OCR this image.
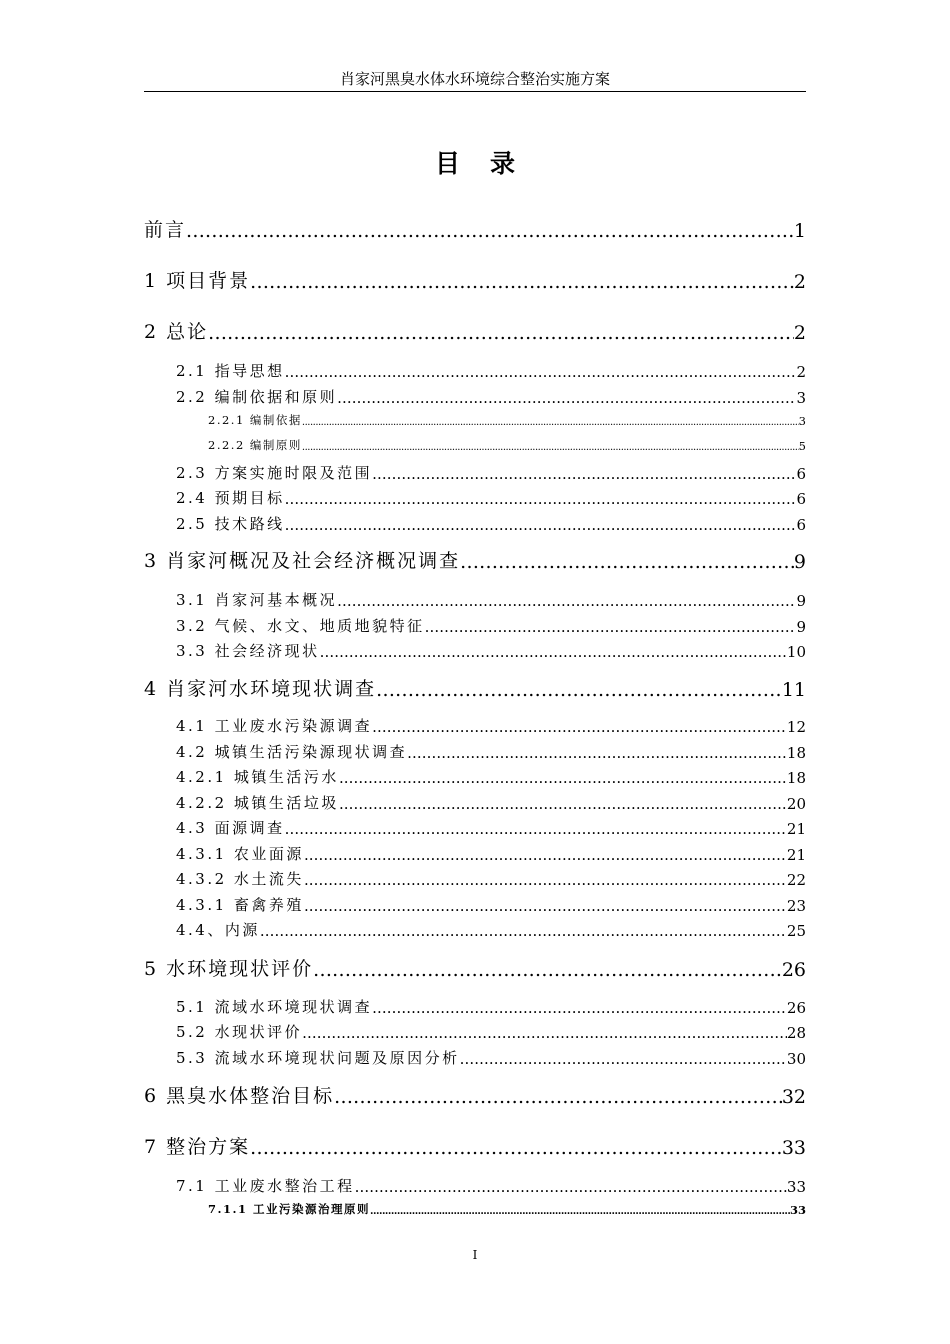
肖家河黑臭水体水环境综合整治实施方案
目录
前言 .....	1
1 项目背景 .....	2
2 总论 .....	2
2.1 指导思想 .....	2
2.2 编制依据和原则 .....	3
2.2.1 编制依据 .....	3
2.2.2 编制原则 .....	5
2.3 方案实施时限及范围 .....	6
2.4 预期目标 .....	6
2.5 技术路线 .....	6
3 肖家河概况及社会经济概况调查 .....	9
3.1 肖家河基本概况 .....	9
3.2 气候、水文、地质地貌特征 .....	9
3.3 社会经济现状 .....	10
4 肖家河水环境现状调查 .....	11
4.1 工业废水污染源调查 .....	12
4.2 城镇生活污染源现状调查 .....	18
4.2.1 城镇生活污水 .....	18
4.2.2 城镇生活垃圾 .....	20
4.3 面源调查 .....	21
4.3.1 农业面源 .....	21
4.3.2 水土流失 .....	22
4.3.1 畜禽养殖 .....	23
4.4、内源 .....	25
5 水环境现状评价 .....	26
5.1 流域水环境现状调查 .....	26
5.2 水现状评价 .....	28
5.3 流域水环境现状问题及原因分析 .....	30
6 黑臭水体整治目标 .....	32
7 整治方案 .....	33
7.1 工业废水整治工程 .....	33
7.1.1 工业污染源治理原则 .....	33
I
